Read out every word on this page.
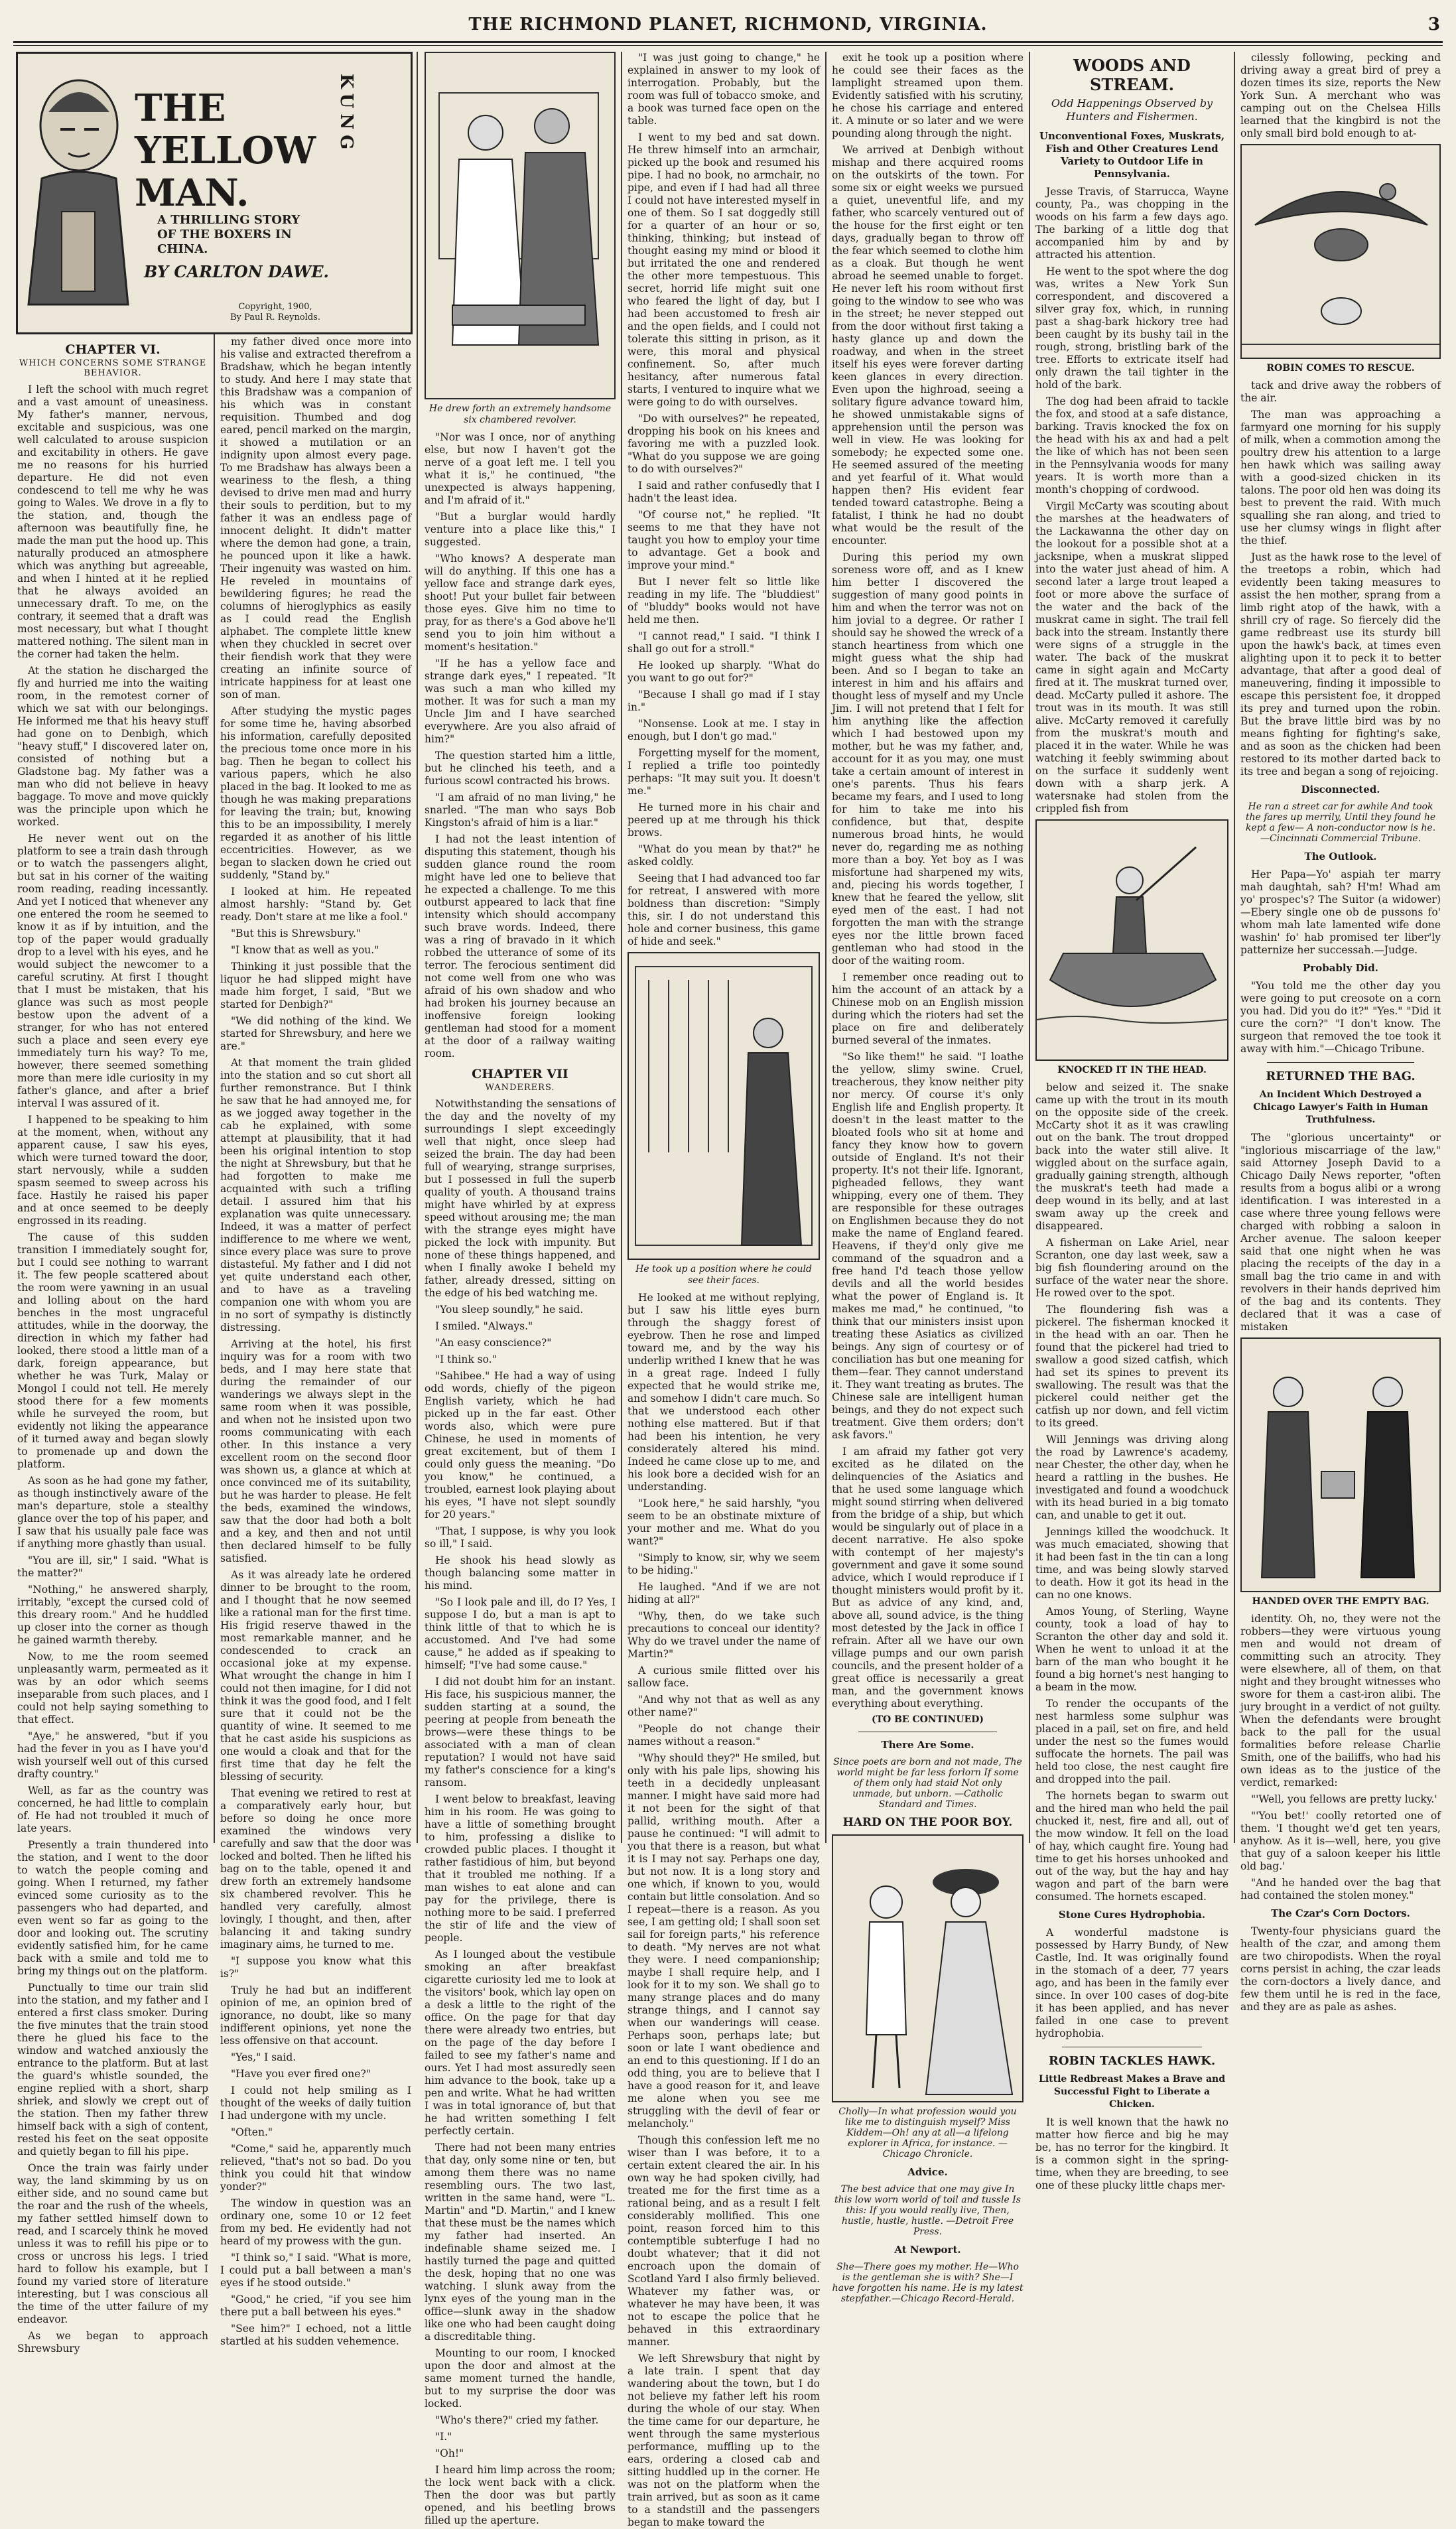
THE RICHMOND PLANET, RICHMOND, VIRGINIA.	3
THE
YELLOW
MAN.
KUNG
A THRILLING STORY OF THE BOXERS IN CHINA.
BY CARLTON DAWE.
Copyright, 1900,
By Paul R. Reynolds.
CHAPTER VI.
WHICH CONCERNS SOME STRANGE BEHAVIOR.

I left the school with much regret and a vast amount of uneasiness. My father's manner, nervous, excitable and suspicious, was one well calculated to arouse suspicion and excitability in others. He gave me no reasons for his hurried departure. He did not even condescend to tell me why he was going to Wales. We drove in a fly to the station, and, though the afternoon was beautifully fine, he made the man put the hood up. This naturally produced an atmosphere which was anything but agreeable, and when I hinted at it he replied that he always avoided an unnecessary draft. To me, on the contrary, it seemed that a draft was most necessary, but what I thought mattered nothing. The silent man in the corner had taken the helm.

At the station he discharged the fly and hurried me into the waiting room, in the remotest corner of which we sat with our belongings. He informed me that his heavy stuff had gone on to Denbigh, which "heavy stuff," I discovered later on, consisted of nothing but a Gladstone bag. My father was a man who did not believe in heavy baggage. To move and move quickly was the principle upon which he worked.

He never went out on the platform to see a train dash through or to watch the passengers alight, but sat in his corner of the waiting room reading, reading incessantly. And yet I noticed that whenever any one entered the room he seemed to know it as if by intuition, and the top of the paper would gradually drop to a level with his eyes, and he would subject the newcomer to a careful scrutiny. At first I thought that I must be mistaken, that his glance was such as most people bestow upon the advent of a stranger, for who has not entered such a place and seen every eye immediately turn his way? To me, however, there seemed something more than mere idle curiosity in my father's glance, and after a brief interval I was assured of it.

I happened to be speaking to him at the moment, when, without any apparent cause, I saw his eyes, which were turned toward the door, start nervously, while a sudden spasm seemed to sweep across his face. Hastily he raised his paper and at once seemed to be deeply engrossed in its reading.

The cause of this sudden transition I immediately sought for, but I could see nothing to warrant it. The few people scattered about the room were yawning in an usual and lolling about on the hard benches in the most ungraceful attitudes, while in the doorway, the direction in which my father had looked, there stood a little man of a dark, foreign appearance, but whether he was Turk, Malay or Mongol I could not tell. He merely stood there for a few moments while he surveyed the room, but evidently not liking the appearance of it turned away and began slowly to promenade up and down the platform.

As soon as he had gone my father, as though instinctively aware of the man's departure, stole a stealthy glance over the top of his paper, and I saw that his usually pale face was if anything more ghastly than usual.

"You are ill, sir," I said. "What is the matter?"

"Nothing," he answered sharply, irritably, "except the cursed cold of this dreary room." And he huddled up closer into the corner as though he gained warmth thereby.

Now, to me the room seemed unpleasantly warm, permeated as it was by an odor which seems inseparable from such places, and I could not help saying something to that effect.

"Aye," he answered, "but if you had the fever in you as I have you'd wish yourself well out of this cursed drafty country."

Well, as far as the country was concerned, he had little to complain of. He had not troubled it much of late years.

Presently a train thundered into the station, and I went to the door to watch the people coming and going. When I returned, my father evinced some curiosity as to the passengers who had departed, and even went so far as going to the door and looking out. The scrutiny evidently satisfied him, for he came back with a smile and told me to bring my things out on the platform.

Punctually to time our train slid into the station, and my father and I entered a first class smoker. During the five minutes that the train stood there he glued his face to the window and watched anxiously the entrance to the platform. But at last the guard's whistle sounded, the engine replied with a short, sharp shriek, and slowly we crept out of the station. Then my father threw himself back with a sigh of content, rested his feet on the seat opposite and quietly began to fill his pipe.

Once the train was fairly under way, the land skimming by us on either side, and no sound came but the roar and the rush of the wheels, my father settled himself down to read, and I scarcely think he moved unless it was to refill his pipe or to cross or uncross his legs. I tried hard to follow his example, but I found my varied store of literature interesting, but I was conscious all the time of the utter failure of my endeavor.

As we began to approach Shrewsbury

my father dived once more into his valise and extracted therefrom a Bradshaw, which he began intently to study. And here I may state that this Bradshaw was a companion of his which was in constant requisition. Thumbed and dog eared, pencil marked on the margin, it showed a mutilation or an indignity upon almost every page. To me Bradshaw has always been a weariness to the flesh, a thing devised to drive men mad and hurry their souls to perdition, but to my father it was an endless page of innocent delight. It didn't matter where the demon had gone, a train, he pounced upon it like a hawk. Their ingenuity was wasted on him. He reveled in mountains of bewildering figures; he read the columns of hieroglyphics as easily as I could read the English alphabet. The complete little knew when they chuckled in secret over their fiendish work that they were creating an infinite source of intricate happiness for at least one son of man.

After studying the mystic pages for some time he, having absorbed his information, carefully deposited the precious tome once more in his bag. Then he began to collect his various papers, which he also placed in the bag. It looked to me as though he was making preparations for leaving the train; but, knowing this to be an impossibility, I merely regarded it as another of his little eccentricities. However, as we began to slacken down he cried out suddenly, "Stand by."

I looked at him. He repeated almost harshly: "Stand by. Get ready. Don't stare at me like a fool."

"But this is Shrewsbury."

"I know that as well as you."

Thinking it just possible that the liquor he had slipped might have made him forget, I said, "But we started for Denbigh?"

"We did nothing of the kind. We started for Shrewsbury, and here we are."

At that moment the train glided into the station and so cut short all further remonstrance. But I think he saw that he had annoyed me, for as we jogged away together in the cab he explained, with some attempt at plausibility, that it had been his original intention to stop the night at Shrewsbury, but that he had forgotten to make me acquainted with such a trifling detail. I assured him that his explanation was quite unnecessary. Indeed, it was a matter of perfect indifference to me where we went, since every place was sure to prove distasteful. My father and I did not yet quite understand each other, and to have as a traveling companion one with whom you are in no sort of sympathy is distinctly distressing.

Arriving at the hotel, his first inquiry was for a room with two beds, and I may here state that during the remainder of our wanderings we always slept in the same room when it was possible, and when not he insisted upon two rooms communicating with each other. In this instance a very excellent room on the second floor was shown us, a glance at which at once convinced me of its suitability, but he was harder to please. He felt the beds, examined the windows, saw that the door had both a bolt and a key, and then and not until then declared himself to be fully satisfied.

As it was already late he ordered dinner to be brought to the room, and I thought that he now seemed like a rational man for the first time. His frigid reserve thawed in the most remarkable manner, and he condescended to crack an occasional joke at my expense. What wrought the change in him I could not then imagine, for I did not think it was the good food, and I felt sure that it could not be the quantity of wine. It seemed to me that he cast aside his suspicions as one would a cloak and that for the first time that day he felt the blessing of security.

That evening we retired to rest at a comparatively early hour, but before so doing he once more examined the windows very carefully and saw that the door was locked and bolted. Then he lifted his bag on to the table, opened it and drew forth an extremely handsome six chambered revolver. This he handled very carefully, almost lovingly, I thought, and then, after balancing it and taking sundry imaginary aims, he turned to me.

"I suppose you know what this is?"

Truly he had but an indifferent opinion of me, an opinion bred of ignorance, no doubt, like so many indifferent opinions, yet none the less offensive on that account.

"Yes," I said.

"Have you ever fired one?"

I could not help smiling as I thought of the weeks of daily tuition I had undergone with my uncle.

"Often."

"Come," said he, apparently much relieved, "that's not so bad. Do you think you could hit that window yonder?"

The window in question was an ordinary one, some 10 or 12 feet from my bed. He evidently had not heard of my prowess with the gun.

"I think so," I said. "What is more, I could put a ball between a man's eyes if he stood outside."

"Good," he cried, "if you see him there put a ball between his eyes."

"See him?" I echoed, not a little startled at his sudden vehemence.

He drew forth an extremely handsome six chambered revolver.

"Nor was I once, nor of anything else, but now I haven't got the nerve of a goat left me. I tell you what it is," he continued, "the unexpected is always happening, and I'm afraid of it."

"But a burglar would hardly venture into a place like this," I suggested.

"Who knows? A desperate man will do anything. If this one has a yellow face and strange dark eyes, shoot! Put your bullet fair between those eyes. Give him no time to pray, for as there's a God above he'll send you to join him without a moment's hesitation."

"If he has a yellow face and strange dark eyes," I repeated. "It was such a man who killed my mother. It was for such a man my Uncle Jim and I have searched everywhere. Are you also afraid of him?"

The question started him a little, but he clinched his teeth, and a furious scowl contracted his brows.

"I am afraid of no man living," he snarled. "The man who says Bob Kingston's afraid of him is a liar."

I had not the least intention of disputing this statement, though his sudden glance round the room might have led one to believe that he expected a challenge. To me this outburst appeared to lack that fine intensity which should accompany such brave words. Indeed, there was a ring of bravado in it which robbed the utterance of some of its terror. The ferocious sentiment did not come well from one who was afraid of his own shadow and who had broken his journey because an inoffensive foreign looking gentleman had stood for a moment at the door of a railway waiting room.

CHAPTER VII
WANDERERS.

Notwithstanding the sensations of the day and the novelty of my surroundings I slept exceedingly well that night, once sleep had seized the brain. The day had been full of wearying, strange surprises, but I possessed in full the superb quality of youth. A thousand trains might have whirled by at express speed without arousing me; the man with the strange eyes might have picked the lock with impunity. But none of these things happened, and when I finally awoke I beheld my father, already dressed, sitting on the edge of his bed watching me.

"You sleep soundly," he said.

I smiled. "Always."

"An easy conscience?"

"I think so."

"Sahibee." He had a way of using odd words, chiefly of the pigeon English variety, which he had picked up in the far east. Other words also, which were pure Chinese, he used in moments of great excitement, but of them I could only guess the meaning. "Do you know," he continued, a troubled, earnest look playing about his eyes, "I have not slept soundly for 20 years."

"That, I suppose, is why you look so ill," I said.

He shook his head slowly as though balancing some matter in his mind.

"So I look pale and ill, do I? Yes, I suppose I do, but a man is apt to think little of that to which he is accustomed. And I've had some cause," he added as if speaking to himself; "I've had some cause."

I did not doubt him for an instant. His face, his suspicious manner, the sudden starting at a sound, the peering at people from beneath the brows—were these things to be associated with a man of clean reputation? I would not have said my father's conscience for a king's ransom.

I went below to breakfast, leaving him in his room. He was going to have a little of something brought to him, professing a dislike to crowded public places. I thought it rather fastidious of him, but beyond that it troubled me nothing. If a man wishes to eat alone and can pay for the privilege, there is nothing more to be said. I preferred the stir of life and the view of people.

As I lounged about the vestibule smoking an after breakfast cigarette curiosity led me to look at the visitors' book, which lay open on a desk a little to the right of the office. On the page for that day there were already two entries, but on the page of the day before I failed to see my father's name and ours. Yet I had most assuredly seen him advance to the book, take up a pen and write. What he had written I was in total ignorance of, but that he had written something I felt perfectly certain.

There had not been many entries that day, only some nine or ten, but among them there was no name resembling ours. The two last, written in the same hand, were "L. Martin" and "D. Martin," and I knew that these must be the names which my father had inserted. An indefinable shame seized me. I hastily turned the page and quitted the desk, hoping that no one was watching. I slunk away from the lynx eyes of the young man in the office—slunk away in the shadow like one who had been caught doing a discreditable thing.

Mounting to our room, I knocked upon the door and almost at the same moment turned the handle, but to my surprise the door was locked.

"Who's there?" cried my father.

"I."

"Oh!"

I heard him limp across the room; the lock went back with a click. Then the door was but partly opened, and his beetling brows filled up the aperture.

"I was just going to change," he explained in answer to my look of interrogation. Probably, but the room was full of tobacco smoke, and a book was turned face open on the table.

I went to my bed and sat down. He threw himself into an armchair, picked up the book and resumed his pipe. I had no book, no armchair, no pipe, and even if I had had all three I could not have interested myself in one of them. So I sat doggedly still for a quarter of an hour or so, thinking, thinking; but instead of thought easing my mind or blood it but irritated the one and rendered the other more tempestuous. This secret, horrid life might suit one who feared the light of day, but I had been accustomed to fresh air and the open fields, and I could not tolerate this sitting in prison, as it were, this moral and physical confinement. So, after much hesitancy, after numerous fatal starts, I ventured to inquire what we were going to do with ourselves.

"Do with ourselves?" he repeated, dropping his book on his knees and favoring me with a puzzled look. "What do you suppose we are going to do with ourselves?"

I said and rather confusedly that I hadn't the least idea.

"Of course not," he replied. "It seems to me that they have not taught you how to employ your time to advantage. Get a book and improve your mind."

But I never felt so little like reading in my life. The "bluddiest" of "bluddy" books would not have held me then.

"I cannot read," I said. "I think I shall go out for a stroll."

He looked up sharply. "What do you want to go out for?"

"Because I shall go mad if I stay in."

"Nonsense. Look at me. I stay in enough, but I don't go mad."

Forgetting myself for the moment, I replied a trifle too pointedly perhaps: "It may suit you. It doesn't me."

He turned more in his chair and peered up at me through his thick brows.

"What do you mean by that?" he asked coldly.

Seeing that I had advanced too far for retreat, I answered with more boldness than discretion: "Simply this, sir. I do not understand this hole and corner business, this game of hide and seek."

He took up a position where he could see their faces.

He looked at me without replying, but I saw his little eyes burn through the shaggy forest of eyebrow. Then he rose and limped toward me, and by the way his underlip writhed I knew that he was in a great rage. Indeed I fully expected that he would strike me, and somehow I didn't care much. So that we understood each other nothing else mattered. But if that had been his intention, he very considerately altered his mind. Indeed he came close up to me, and his look bore a decided wish for an understanding.

"Look here," he said harshly, "you seem to be an obstinate mixture of your mother and me. What do you want?"

"Simply to know, sir, why we seem to be hiding."

He laughed. "And if we are not hiding at all?"

"Why, then, do we take such precautions to conceal our identity? Why do we travel under the name of Martin?"

A curious smile flitted over his sallow face.

"And why not that as well as any other name?"

"People do not change their names without a reason."

"Why should they?" He smiled, but only with his pale lips, showing his teeth in a decidedly unpleasant manner. I might have said more had it not been for the sight of that pallid, writhing mouth. After a pause he continued: "I will admit to you that there is a reason, but what it is I may not say. Perhaps one day, but not now. It is a long story and one which, if known to you, would contain but little consolation. And so I repeat—there is a reason. As you see, I am getting old; I shall soon set sail for foreign parts," his reference to death. "My nerves are not what they were. I need companionship; maybe I shall require help, and I look for it to my son. We shall go to many strange places and do many strange things, and I cannot say when our wanderings will cease. Perhaps soon, perhaps late; but soon or late I want obedience and an end to this questioning. If I do an odd thing, you are to believe that I have a good reason for it, and leave me alone when you see me struggling with the devil of fear or melancholy."

Though this confession left me no wiser than I was before, it to a certain extent cleared the air. In his own way he had spoken civilly, had treated me for the first time as a rational being, and as a result I felt considerably mollified. This one point, reason forced him to this contemptible subterfuge I had no doubt whatever; that it did not encroach upon the domain of Scotland Yard I also firmly believed. Whatever my father was, or whatever he may have been, it was not to escape the police that he behaved in this extraordinary manner.

We left Shrewsbury that night by a late train. I spent that day wandering about the town, but I do not believe my father left his room during the whole of our stay. When the time came for our departure, he went through the same mysterious performance, muffling up to the ears, ordering a closed cab and sitting huddled up in the corner. He was not on the platform when the train arrived, but as soon as it came to a standstill and the passengers began to make toward the

exit he took up a position where he could see their faces as the lamplight streamed upon them. Evidently satisfied with his scrutiny, he chose his carriage and entered it. A minute or so later and we were pounding along through the night.

We arrived at Denbigh without mishap and there acquired rooms on the outskirts of the town. For some six or eight weeks we pursued a quiet, uneventful life, and my father, who scarcely ventured out of the house for the first eight or ten days, gradually began to throw off the fear which seemed to clothe him as a cloak. But though he went abroad he seemed unable to forget. He never left his room without first going to the window to see who was in the street; he never stepped out from the door without first taking a hasty glance up and down the roadway, and when in the street itself his eyes were forever darting keen glances in every direction. Even upon the highroad, seeing a solitary figure advance toward him, he showed unmistakable signs of apprehension until the person was well in view. He was looking for somebody; he expected some one. He seemed assured of the meeting and yet fearful of it. What would happen then? His evident fear tended toward catastrophe. Being a fatalist, I think he had no doubt what would be the result of the encounter.

During this period my own soreness wore off, and as I knew him better I discovered the suggestion of many good points in him and when the terror was not on him jovial to a degree. Or rather I should say he showed the wreck of a stanch heartiness from which one might guess what the ship had been. And so I began to take an interest in him and his affairs and thought less of myself and my Uncle Jim. I will not pretend that I felt for him anything like the affection which I had bestowed upon my mother, but he was my father, and, account for it as you may, one must take a certain amount of interest in one's parents. Thus his fears became my fears, and I used to long for him to take me into his confidence, but that, despite numerous broad hints, he would never do, regarding me as nothing more than a boy. Yet boy as I was misfortune had sharpened my wits, and, piecing his words together, I knew that he feared the yellow, slit eyed men of the east. I had not forgotten the man with the strange eyes nor the little brown faced gentleman who had stood in the door of the waiting room.

I remember once reading out to him the account of an attack by a Chinese mob on an English mission during which the rioters had set the place on fire and deliberately burned several of the inmates.

"So like them!" he said. "I loathe the yellow, slimy swine. Cruel, treacherous, they know neither pity nor mercy. Of course it's only English life and English property. It doesn't in the least matter to the bloated fools who sit at home and fancy they know how to govern outside of England. It's not their property. It's not their life. Ignorant, pigheaded fellows, they want whipping, every one of them. They are responsible for these outrages on Englishmen because they do not make the name of England feared. Heavens, if they'd only give me command of the squadron and a free hand I'd teach those yellow devils and all the world besides what the power of England is. It makes me mad," he continued, "to think that our ministers insist upon treating these Asiatics as civilized beings. Any sign of courtesy or of conciliation has but one meaning for them—fear. They cannot understand it. They want treating as brutes. The Chinese sale are intelligent human beings, and they do not expect such treatment. Give them orders; don't ask favors."

I am afraid my father got very excited as he dilated on the delinquencies of the Asiatics and that he used some language which might sound stirring when delivered from the bridge of a ship, but which would be singularly out of place in a decent narrative. He also spoke with contempt of her majesty's government and gave it some sound advice, which I would reproduce if I thought ministers would profit by it. But as advice of any kind, and, above all, sound advice, is the thing most detested by the Jack in office I refrain. After all we have our own village pumps and our own parish councils, and the present holder of a great office is necessarily a great man, and the government knows everything about everything.

(TO BE CONTINUED)
There Are Some.
Since poets are born and not made, The world might be far less forlorn If some of them only had staid Not only unmade, but unborn. —Catholic Standard and Times.
HARD ON THE POOR BOY.
Cholly—In what profession would you like me to distinguish myself? Miss Kiddem—Oh! any at all—a lifelong explorer in Africa, for instance. —Chicago Chronicle.
Advice.
The best advice that one may give In this low worn world of toil and tussle Is this: If you would really live, Then, hustle, hustle, hustle. —Detroit Free Press.
At Newport.
She—There goes my mother. He—Who is the gentleman she is with? She—I have forgotten his name. He is my latest stepfather.—Chicago Record-Herald.
WOODS AND STREAM.
Odd Happenings Observed by Hunters and Fishermen.
Unconventional Foxes, Muskrats, Fish and Other Creatures Lend Variety to Outdoor Life in Pennsylvania.

Jesse Travis, of Starrucca, Wayne county, Pa., was chopping in the woods on his farm a few days ago. The barking of a little dog that accompanied him by and by attracted his attention.

He went to the spot where the dog was, writes a New York Sun correspondent, and discovered a silver gray fox, which, in running past a shag-bark hickory tree had been caught by its bushy tail in the rough, strong, bristling bark of the tree. Efforts to extricate itself had only drawn the tail tighter in the hold of the bark.

The dog had been afraid to tackle the fox, and stood at a safe distance, barking. Travis knocked the fox on the head with his ax and had a pelt the like of which has not been seen in the Pennsylvania woods for many years. It is worth more than a month's chopping of cordwood.

Virgil McCarty was scouting about the marshes at the headwaters of the Lackawanna the other day on the lookout for a possible shot at a jacksnipe, when a muskrat slipped into the water just ahead of him. A second later a large trout leaped a foot or more above the surface of the water and the back of the muskrat came in sight. The trail fell back into the stream. Instantly there were signs of a struggle in the water. The back of the muskrat came in sight again and McCarty fired at it. The muskrat turned over, dead. McCarty pulled it ashore. The trout was in its mouth. It was still alive. McCarty removed it carefully from the muskrat's mouth and placed it in the water. While he was watching it feebly swimming about on the surface it suddenly went down with a sharp jerk. A watersnake had stolen from the crippled fish from

KNOCKED IT IN THE HEAD.

below and seized it. The snake came up with the trout in its mouth on the opposite side of the creek. McCarty shot it as it was crawling out on the bank. The trout dropped back into the water still alive. It wiggled about on the surface again, gradually gaining strength, although the muskrat's teeth had made a deep wound in its belly, and at last swam away up the creek and disappeared.

A fisherman on Lake Ariel, near Scranton, one day last week, saw a big fish floundering around on the surface of the water near the shore. He rowed over to the spot.

The floundering fish was a pickerel. The fisherman knocked it in the head with an oar. Then he found that the pickerel had tried to swallow a good sized catfish, which had set its spines to prevent its swallowing. The result was that the pickerel could neither get the catfish up nor down, and fell victim to its greed.

Will Jennings was driving along the road by Lawrence's academy, near Chester, the other day, when he heard a rattling in the bushes. He investigated and found a woodchuck with its head buried in a big tomato can, and unable to get it out.

Jennings killed the woodchuck. It was much emaciated, showing that it had been fast in the tin can a long time, and was being slowly starved to death. How it got its head in the can no one knows.

Amos Young, of Sterling, Wayne county, took a load of hay to Scranton the other day and sold it. When he went to unload it at the barn of the man who bought it he found a big hornet's nest hanging to a beam in the mow.

To render the occupants of the nest harmless some sulphur was placed in a pail, set on fire, and held under the nest so the fumes would suffocate the hornets. The pail was held too close, the nest caught fire and dropped into the pail.

The hornets began to swarm out and the hired man who held the pail chucked it, nest, fire and all, out of the mow window. It fell on the load of hay, which caught fire. Young had time to get his horses unhooked and out of the way, but the hay and hay wagon and part of the barn were consumed. The hornets escaped.

Stone Cures Hydrophobia.

A wonderful madstone is possessed by Harry Bundy, of New Castle, Ind. It was originally found in the stomach of a deer, 77 years ago, and has been in the family ever since. In over 100 cases of dog-bite it has been applied, and has never failed in one case to prevent hydrophobia.

ROBIN TACKLES HAWK.
Little Redbreast Makes a Brave and Successful Fight to Liberate a Chicken.

It is well known that the hawk no matter how fierce and big he may be, has no terror for the kingbird. It is a common sight in the spring-time, when they are breeding, to see one of these plucky little chaps mer-

cilessly following, pecking and driving away a great bird of prey a dozen times its size, reports the New York Sun. A merchant who was camping out on the Chelsea Hills learned that the kingbird is not the only small bird bold enough to at-

ROBIN COMES TO RESCUE.

tack and drive away the robbers of the air.

The man was approaching a farmyard one morning for his supply of milk, when a commotion among the poultry drew his attention to a large hen hawk which was sailing away with a good-sized chicken in its talons. The poor old hen was doing its best to prevent the raid. With much squalling she ran along, and tried to use her clumsy wings in flight after the thief.

Just as the hawk rose to the level of the treetops a robin, which had evidently been taking measures to assist the hen mother, sprang from a limb right atop of the hawk, with a shrill cry of rage. So fiercely did the game redbreast use its sturdy bill upon the hawk's back, at times even alighting upon it to peck it to better advantage, that after a good deal of maneuvering, finding it impossible to escape this persistent foe, it dropped its prey and turned upon the robin. But the brave little bird was by no means fighting for fighting's sake, and as soon as the chicken had been restored to its mother darted back to its tree and began a song of rejoicing.

Disconnected.
He ran a street car for awhile And took the fares up merrily, Until they found he kept a few— A non-conductor now is he. —Cincinnati Commercial Tribune.
The Outlook.

Her Papa—Yo' aspiah ter marry mah daughtah, sah? H'm! Whad am yo' prospec's? The Suitor (a widower)—Ebery single one ob de pussons fo' whom mah late lamented wife done washin' fo' hab promised ter liber'ly patternize her successah.—Judge.

Probably Did.

"You told me the other day you were going to put creosote on a corn you had. Did you do it?" "Yes." "Did it cure the corn?" "I don't know. The surgeon that removed the toe took it away with him."—Chicago Tribune.

RETURNED THE BAG.
An Incident Which Destroyed a Chicago Lawyer's Faith in Human Truthfulness.

The "glorious uncertainty" or "inglorious miscarriage of the law," said Attorney Joseph David to a Chicago Daily News reporter, "often results from a bogus alibi or a wrong identification. I was interested in a case where three young fellows were charged with robbing a saloon in Archer avenue. The saloon keeper said that one night when he was placing the receipts of the day in a small bag the trio came in and with revolvers in their hands deprived him of the bag and its contents. They declared that it was a case of mistaken

HANDED OVER THE EMPTY BAG.

identity. Oh, no, they were not the robbers—they were virtuous young men and would not dream of committing such an atrocity. They were elsewhere, all of them, on that night and they brought witnesses who swore for them a cast-iron alibi. The jury brought in a verdict of not guilty. When the defendants were brought back to the pall for the usual formalities before release Charlie Smith, one of the bailiffs, who had his own ideas as to the justice of the verdict, remarked:

"'Well, you fellows are pretty lucky.'

"'You bet!' coolly retorted one of them. 'I thought we'd get ten years, anyhow. As it is—well, here, you give that guy of a saloon keeper his little old bag.'

"And he handed over the bag that had contained the stolen money."

The Czar's Corn Doctors.

Twenty-four physicians guard the health of the czar, and among them are two chiropodists. When the royal corns persist in aching, the czar leads the corn-doctors a lively dance, and few them until he is red in the face, and they are as pale as ashes.
